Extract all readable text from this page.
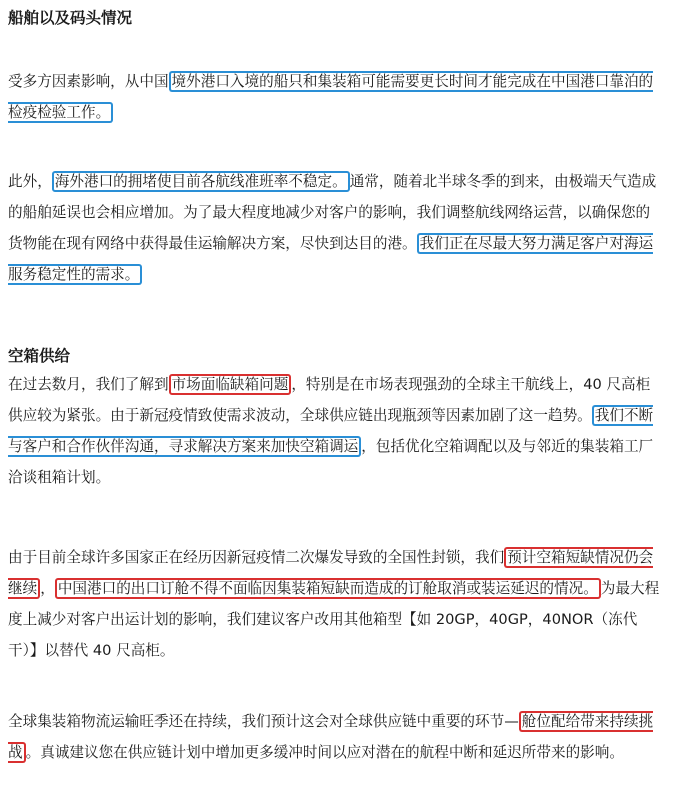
船舶以及码头情况

受多方因素影响，从中国 境外港口入境的船只和集装箱可能需要更长时间才能完成在中国港口靠泊的检疫检验工作。

此外， 海外港口的拥堵使目前各航线准班率不稳定。 通常，随着北半球冬季的到来，由极端天气造成的船舶延误也会相应增加。为了最大程度地减少对客户的影响，我们调整航线网络运营，以确保您的货物能在现有网络中获得最佳运输解决方案，尽快到达目的港。 我们正在尽最大努力满足客户对海运服务稳定性的需求。

空箱供给

在过去数月，我们了解到 市场面临缺箱问题 ，特别是在市场表现强劲的全球主干航线上，40 尺高柜供应较为紧张。由于新冠疫情致使需求波动，全球供应链出现瓶颈等因素加剧了这一趋势。 我们不断与客户和合作伙伴沟通，寻求解决方案来加快空箱调运 ，包括优化空箱调配以及与邻近的集装箱工厂洽谈租箱计划。

由于目前全球许多国家正在经历因新冠疫情二次爆发导致的全国性封锁，我们 预计空箱短缺情况仍会继续 ， 中国港口的出口订舱不得不面临因集装箱短缺而造成的订舱取消或装运延迟的情况。 为最大程度上减少对客户出运计划的影响，我们建议客户改用其他箱型【如 20GP，40GP，40NOR（冻代干）】以替代 40 尺高柜。

全球集装箱物流运输旺季还在持续，我们预计这会对全球供应链中重要的环节— 舱位配给带来持续挑战 。真诚建议您在供应链计划中增加更多缓冲时间以应对潜在的航程中断和延迟所带来的影响。
